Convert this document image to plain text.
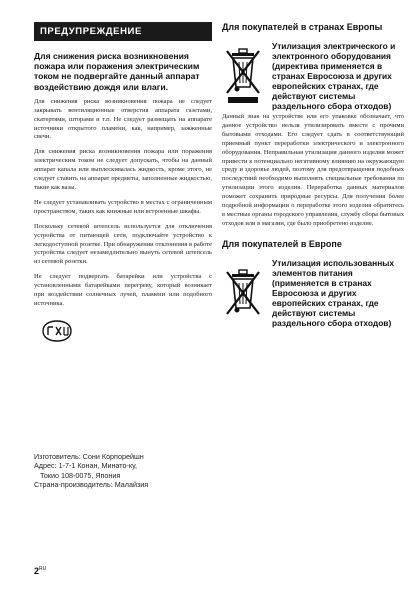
ПРЕДУПРЕЖДЕНИЕ

Для снижения риска возникновения пожара или поражения электрическим током не подвергайте данный аппарат воздействию дождя или влаги.

Для снижения риска возникновения пожара не следует закрывать вентиляционные отверстия аппарата газетами, скатертями, шторами и т.п. Не следует размещать на аппарате источники открытого пламени, как, например, зажженные свечи.

Для снижения риска возникновения пожара или поражения электрическим током не следует допускать, чтобы на данный аппарат капала или выплескивалась жидкость, кроме этого, не следует ставить на аппарат предметы, заполненные жидкостью, такие как вазы.

Не следует устанавливать устройство в местах с ограниченным пространством, таких как книжные или встроенные шкафы.

Поскольку сетевой штепсель используется для отключения устройства от питающей сети, подключайте устройство к легкодоступной розетке. При обнаружении отклонения в работе устройства следует незамедлительно вынуть сетевой штепсель из сетевой розетки.

Не следует подвергать батарейки или устройства с установленными батарейками перегреву, который возникает при воздействии солнечных лучей, пламени или подобного источника.

Изготовитель: Сони Корпорейшн
Адрес: 1-7-1 Конан, Минато-ку,
Токио 108-0075, Япония
Страна-производитель: Малайзия

Для покупателей в странах Европы

Утилизация электрического и электронного оборудования (директива применяется в странах Евросоюза и других европейских странах, где действуют системы раздельного сбора отходов)

Данный знак на устройстве или его упаковке обозначает, что данное устройство нельзя утилизировать вместе с прочими бытовыми отходами. Его следует сдать в соответствующий приемный пункт переработки электрического и электронного оборудования. Неправильная утилизация данного изделия может привести к потенциально негативному влиянию на окружающую среду и здоровье людей, поэтому для предотвращения подобных последствий необходимо выполнять специальные требования по утилизации этого изделия. Переработка данных материалов поможет сохранить природные ресурсы. Для получения более подробной информации о переработке этого изделия обратитесь в местные органы городского управления, службу сбора бытовых отходов или в магазин, где было приобретено изделие.

Для покупателей в Европе

Утилизация использованных элементов питания (применяется в странах Евросоюза и других европейских странах, где действуют системы раздельного сбора отходов)

$2^{RU}$
